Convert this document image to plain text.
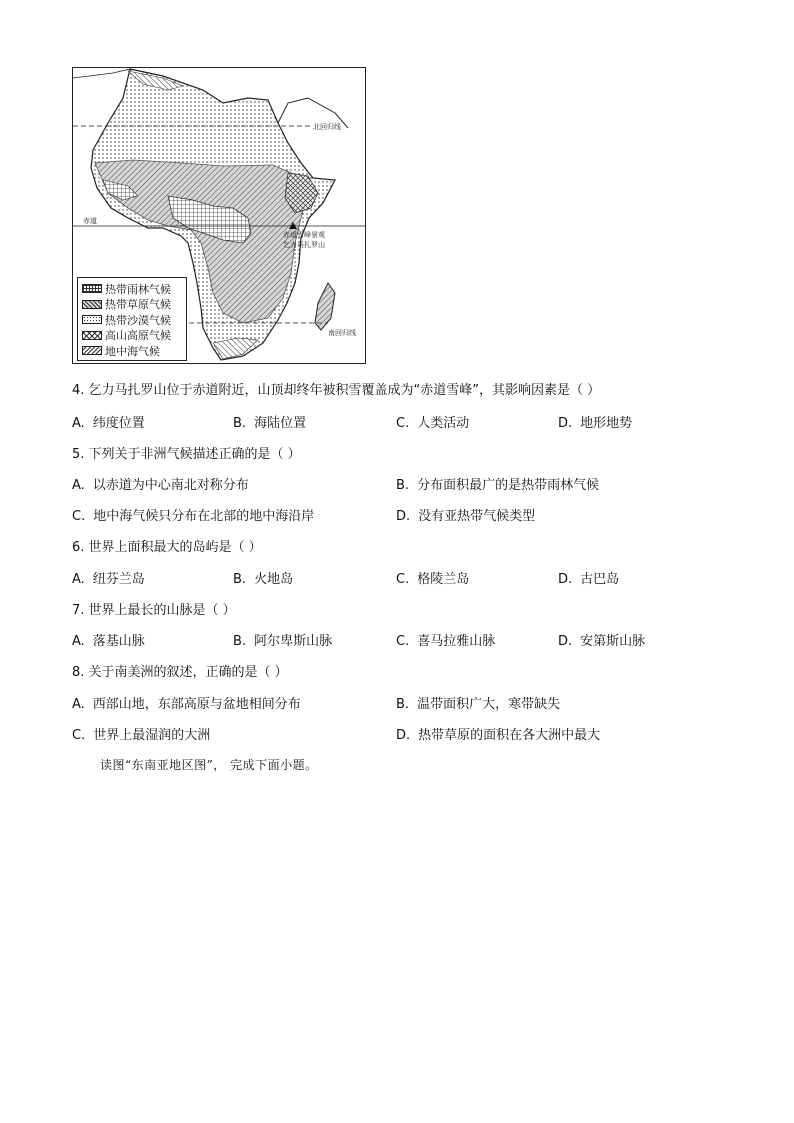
北回归线
赤道
赤道雪峰景观
乞力马扎罗山
南回归线
热带雨林气候
热带草原气候
热带沙漠气候
高山高原气候
地中海气候
4. 乞力马扎罗山位于赤道附近，山顶却终年被积雪覆盖成为“赤道雪峰”，其影响因素是（ ）
A. 纬度位置	B. 海陆位置	C. 人类活动	D. 地形地势
5. 下列关于非洲气候描述正确的是（ ）
A. 以赤道为中心南北对称分布	B. 分布面积最广的是热带雨林气候
C. 地中海气候只分布在北部的地中海沿岸	D. 没有亚热带气候类型
6. 世界上面积最大的岛屿是（ ）
A. 纽芬兰岛	B. 火地岛	C. 格陵兰岛	D. 古巴岛
7. 世界上最长的山脉是（ ）
A. 落基山脉	B. 阿尔卑斯山脉	C. 喜马拉雅山脉	D. 安第斯山脉
8. 关于南美洲的叙述，正确的是（ ）
A. 西部山地，东部高原与盆地相间分布	B. 温带面积广大，寒带缺失
C. 世界上最湿润的大洲	D. 热带草原的面积在各大洲中最大
读图“东南亚地区图”， 完成下面小题。
